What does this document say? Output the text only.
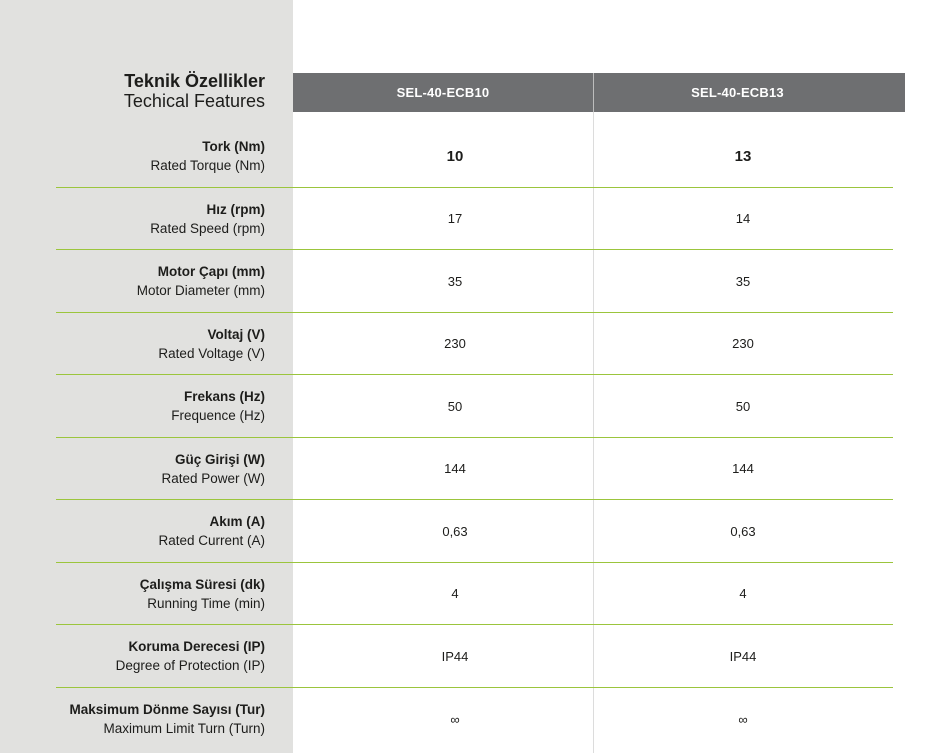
Teknik Özellikler
Techical Features	SEL-40-ECB10	SEL-40-ECB13
Tork (Nm)
Rated Torque (Nm)
10	13
Hız (rpm)
Rated Speed (rpm)
17	14
Motor Çapı (mm)
Motor Diameter (mm)
35	35
Voltaj (V)
Rated Voltage (V)
230	230
Frekans (Hz)
Frequence (Hz)
50	50
Güç Girişi (W)
Rated Power (W)
144	144
Akım (A)
Rated Current (A)
0,63	0,63
Çalışma Süresi (dk)
Running Time (min)
4	4
Koruma Derecesi (IP)
Degree of Protection (IP)
IP44	IP44
Maksimum Dönme Sayısı (Tur)
Maximum Limit Turn (Turn)
∞	∞
